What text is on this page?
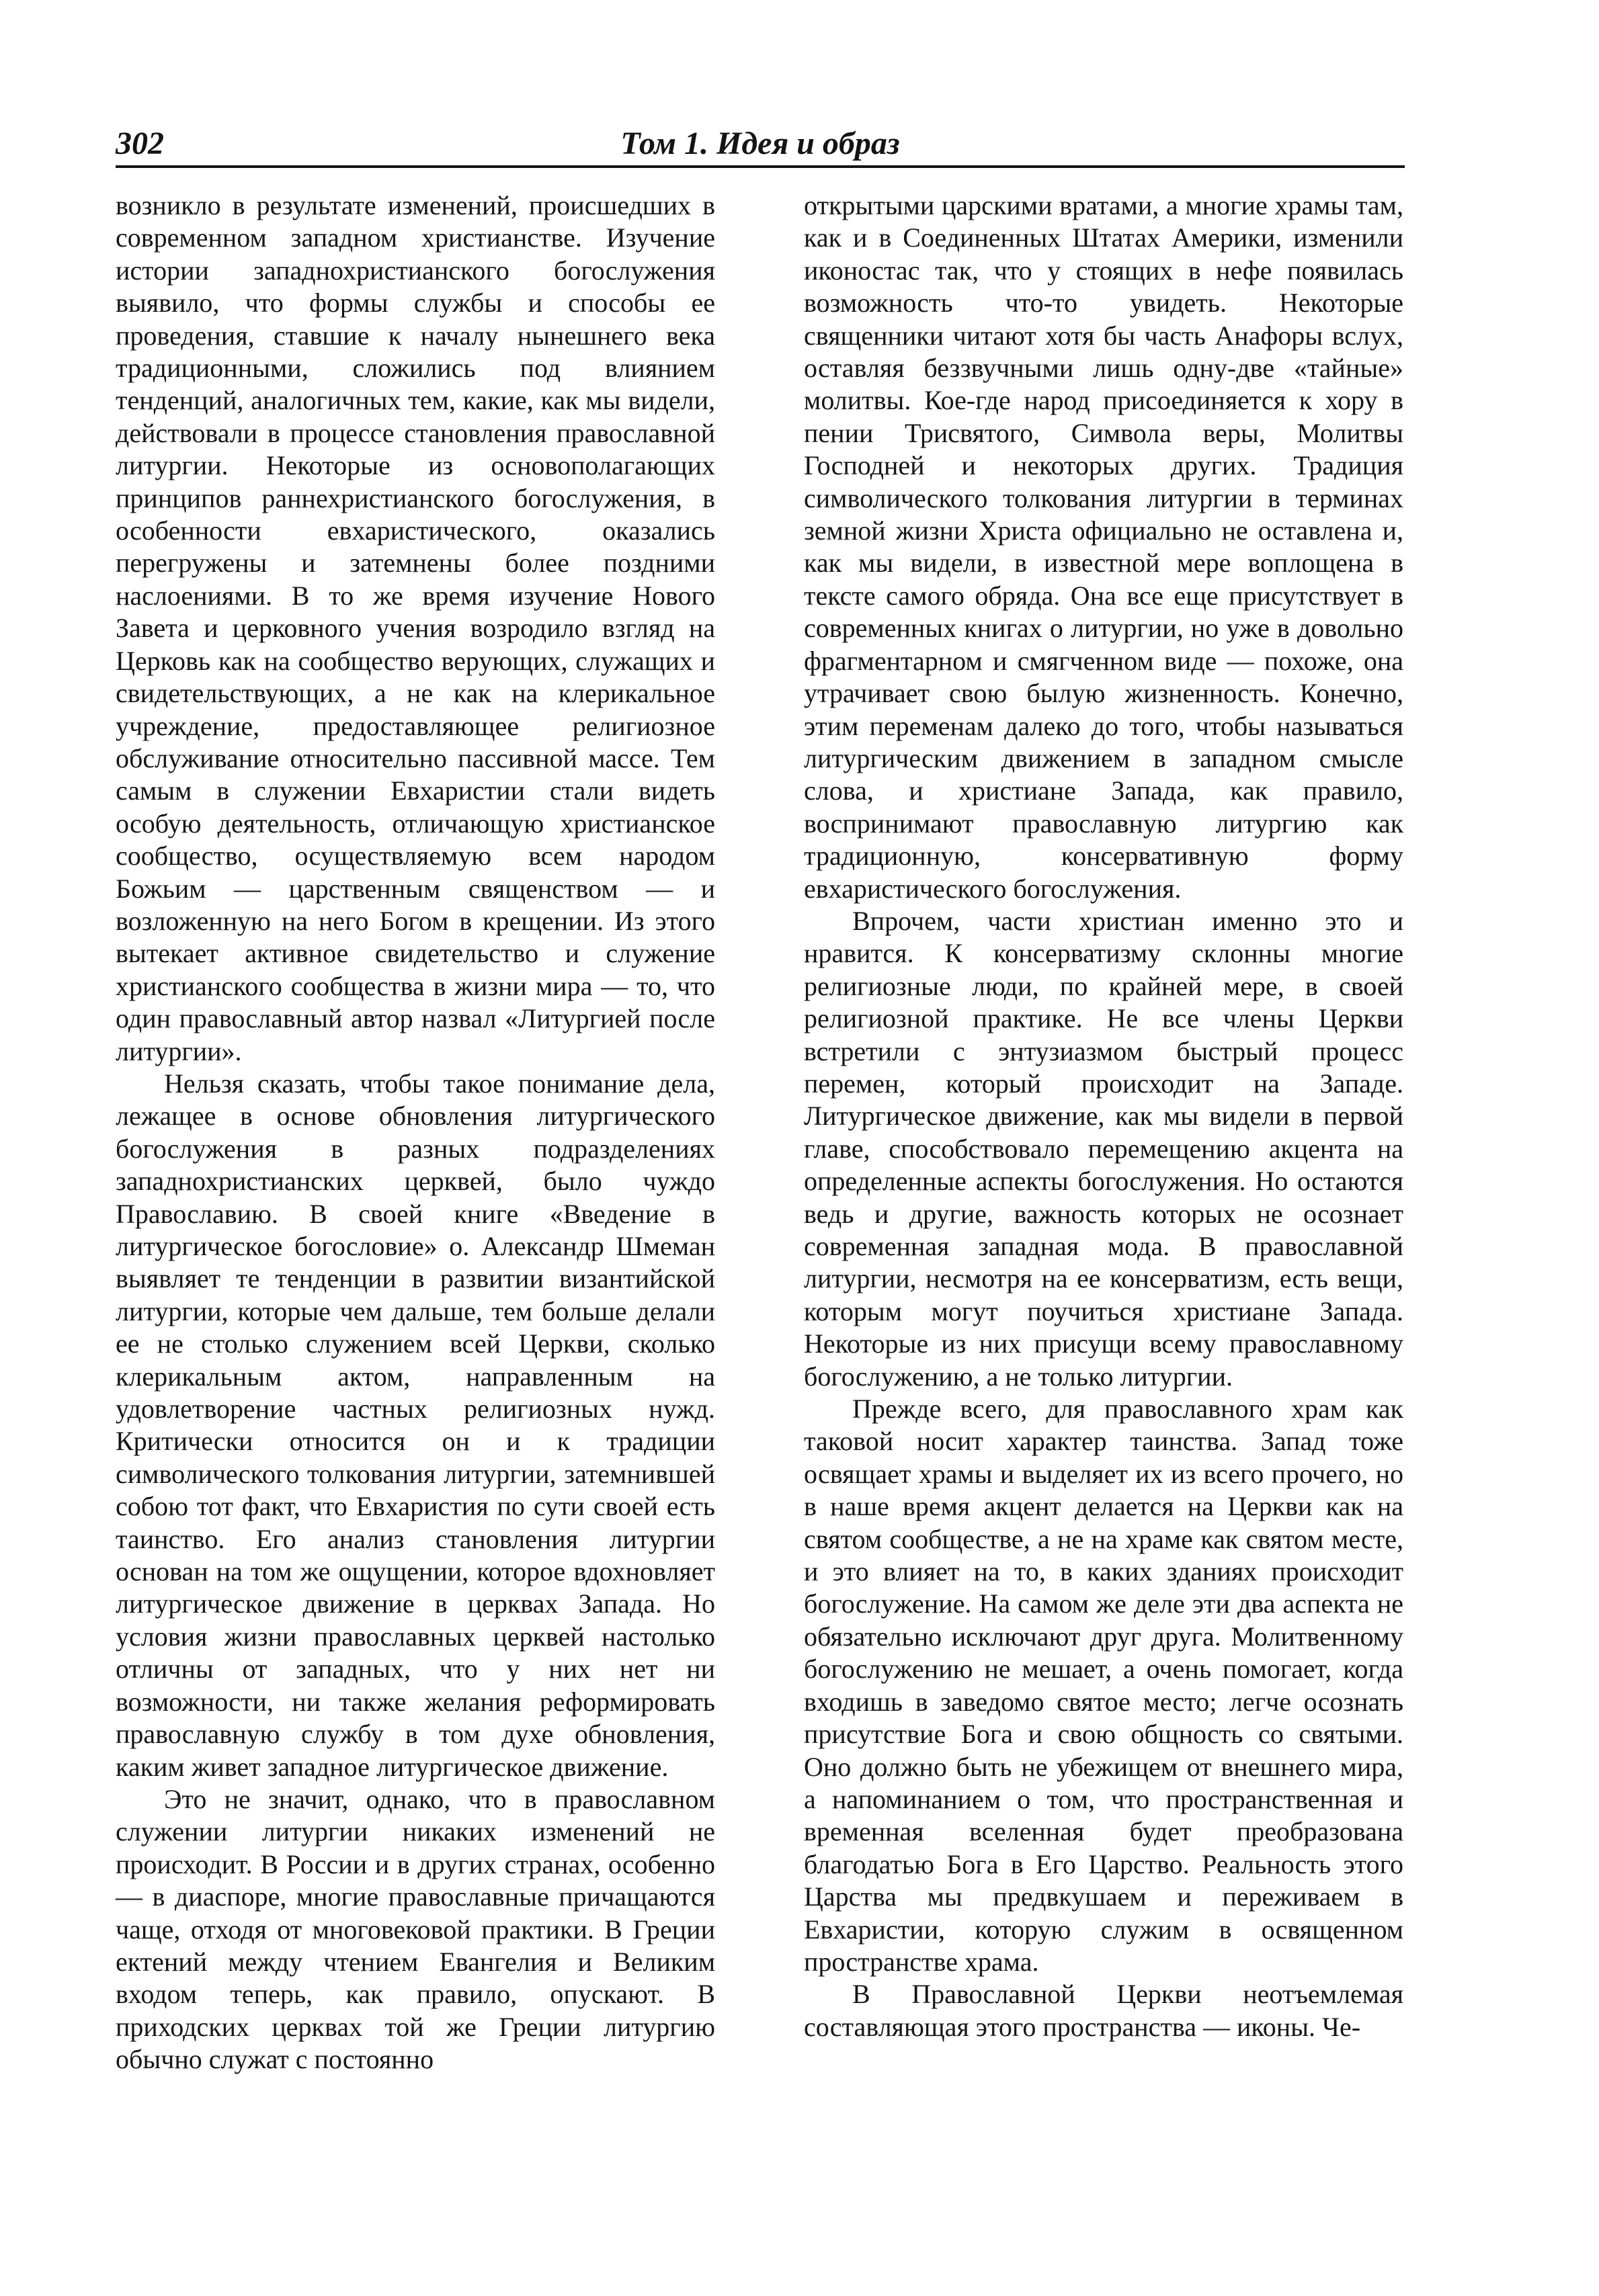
302	Том 1. Идея и образ

возникло в результате изменений, происшедших в современном западном христианстве. Изучение истории западнохристианского богослужения выявило, что формы службы и способы ее проведения, ставшие к началу нынешнего века традиционными, сложились под влиянием тенденций, аналогичных тем, какие, как мы видели, действовали в процессе становления православной литургии. Некоторые из основополагающих принципов раннехристианского богослужения, в особенности евхаристического, оказались перегружены и затемнены более поздними наслоениями. В то же время изучение Нового Завета и церковного учения возродило взгляд на Церковь как на сообщество верующих, служащих и свидетельствующих, а не как на клерикальное учреждение, предоставляющее религиозное обслуживание относительно пассивной массе. Тем самым в служении Евхаристии стали видеть особую деятельность, отличающую христианское сообщество, осуществляемую всем народом Божьим — царственным священством — и возложенную на него Богом в крещении. Из этого вытекает активное свидетельство и служение христианского сообщества в жизни мира — то, что один православный автор назвал «Литургией после литургии».

Нельзя сказать, чтобы такое понимание дела, лежащее в основе обновления литургического богослужения в разных подразделениях западнохристианских церквей, было чуждо Православию. В своей книге «Введение в литургическое богословие» о. Александр Шмеман выявляет те тенденции в развитии византийской литургии, которые чем дальше, тем больше делали ее не столько служением всей Церкви, сколько клерикальным актом, направленным на удовлетворение частных религиозных нужд. Критически относится он и к традиции символического толкования литургии, затемнившей собою тот факт, что Евхаристия по сути своей есть таинство. Его анализ становления литургии основан на том же ощущении, которое вдохновляет литургическое движение в церквах Запада. Но условия жизни православных церквей настолько отличны от западных, что у них нет ни возможности, ни также желания реформировать православную службу в том духе обновления, каким живет западное литургическое движение.

Это не значит, однако, что в православном служении литургии никаких изменений не происходит. В России и в других странах, особенно — в диаспоре, многие православные причащаются чаще, отходя от многовековой практики. В Греции ектений между чтением Евангелия и Великим входом теперь, как правило, опускают. В приходских церквах той же Греции литургию обычно служат с постоянно

открытыми царскими вратами, а многие храмы там, как и в Соединенных Штатах Америки, изменили иконостас так, что у стоящих в нефе появилась возможность что-то увидеть. Некоторые священники читают хотя бы часть Анафоры вслух, оставляя беззвучными лишь одну-две «тайные» молитвы. Кое-где народ присоединяется к хору в пении Трисвятого, Символа веры, Молитвы Господней и некоторых других. Традиция символического толкования литургии в терминах земной жизни Христа официально не оставлена и, как мы видели, в известной мере воплощена в тексте самого обряда. Она все еще присутствует в современных книгах о литургии, но уже в довольно фрагментарном и смягченном виде — похоже, она утрачивает свою былую жизненность. Конечно, этим переменам далеко до того, чтобы называться литургическим движением в западном смысле слова, и христиане Запада, как правило, воспринимают православную литургию как традиционную, консервативную форму евхаристического богослужения.

Впрочем, части христиан именно это и нравится. К консерватизму склонны многие религиозные люди, по крайней мере, в своей религиозной практике. Не все члены Церкви встретили с энтузиазмом быстрый процесс перемен, который происходит на Западе. Литургическое движение, как мы видели в первой главе, способствовало перемещению акцента на определенные аспекты богослужения. Но остаются ведь и другие, важность которых не осознает современная западная мода. В православной литургии, несмотря на ее консерватизм, есть вещи, которым могут поучиться христиане Запада. Некоторые из них присущи всему православному богослужению, а не только литургии.

Прежде всего, для православного храм как таковой носит характер таинства. Запад тоже освящает храмы и выделяет их из всего прочего, но в наше время акцент делается на Церкви как на святом сообществе, а не на храме как святом месте, и это влияет на то, в каких зданиях происходит богослужение. На самом же деле эти два аспекта не обязательно исключают друг друга. Молитвенному богослужению не мешает, а очень помогает, когда входишь в заведомо святое место; легче осознать присутствие Бога и свою общность со святыми. Оно должно быть не убежищем от внешнего мира, а напоминанием о том, что пространственная и временная вселенная будет преобразована благодатью Бога в Его Царство. Реальность этого Царства мы предвкушаем и переживаем в Евхаристии, которую служим в освященном пространстве храма.

В Православной Церкви неотъемлемая составляющая этого пространства — иконы. Че-
